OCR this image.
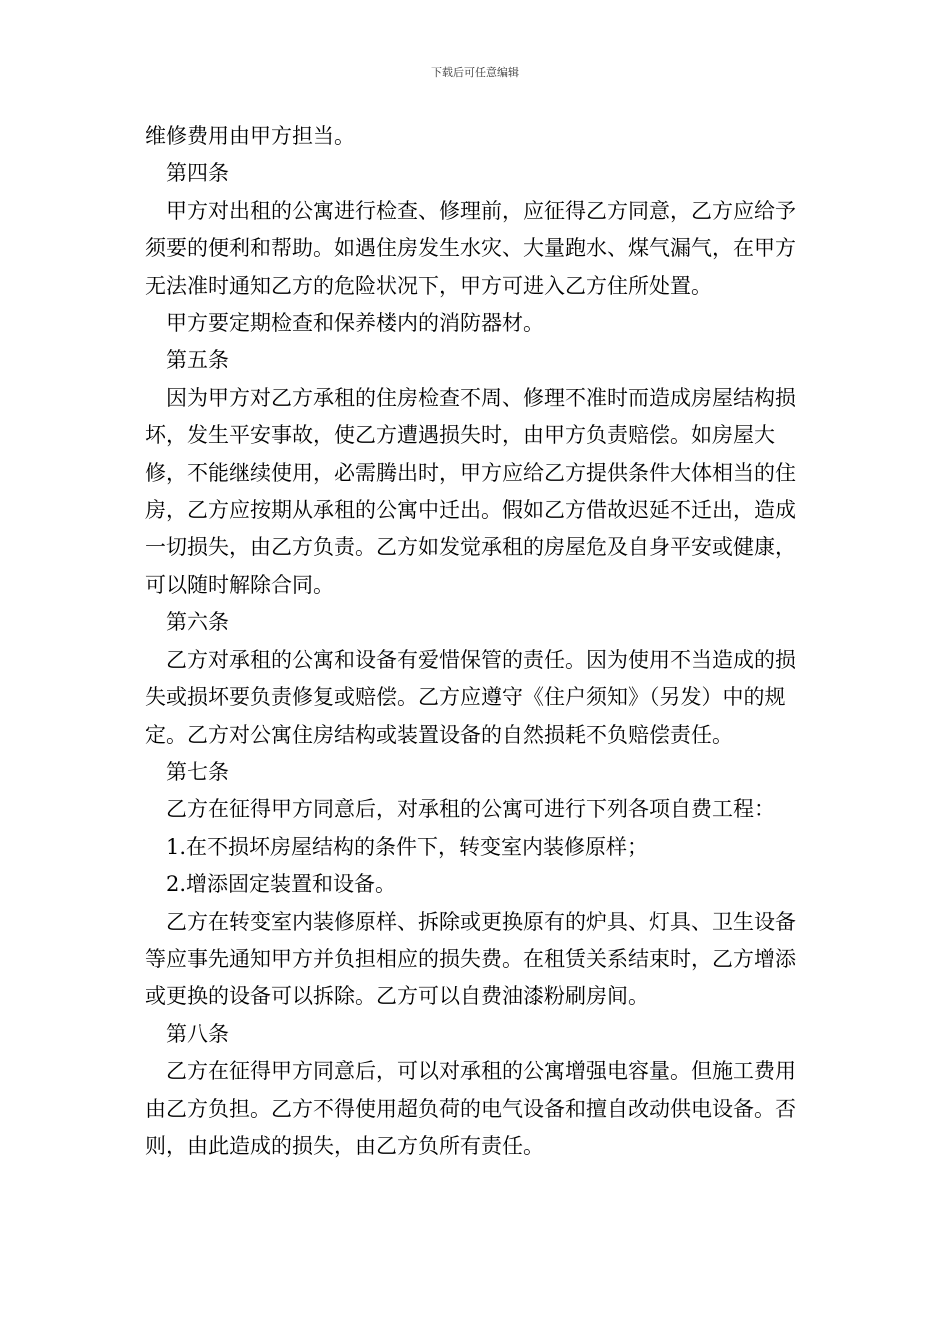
下载后可任意编辑

维修费用由甲方担当。

第四条

甲方对出租的公寓进行检查、修理前，应征得乙方同意，乙方应给予须要的便利和帮助。如遇住房发生水灾、大量跑水、煤气漏气，在甲方无法准时通知乙方的危险状况下，甲方可进入乙方住所处置。

甲方要定期检查和保养楼内的消防器材。

第五条

因为甲方对乙方承租的住房检查不周、修理不准时而造成房屋结构损坏，发生平安事故，使乙方遭遇损失时，由甲方负责赔偿。如房屋大修，不能继续使用，必需腾出时，甲方应给乙方提供条件大体相当的住房，乙方应按期从承租的公寓中迁出。假如乙方借故迟延不迁出，造成一切损失，由乙方负责。乙方如发觉承租的房屋危及自身平安或健康，可以随时解除合同。

第六条

乙方对承租的公寓和设备有爱惜保管的责任。因为使用不当造成的损失或损坏要负责修复或赔偿。乙方应遵守《住户须知》（另发）中的规定。乙方对公寓住房结构或装置设备的自然损耗不负赔偿责任。

第七条

乙方在征得甲方同意后，对承租的公寓可进行下列各项自费工程：

1.在不损坏房屋结构的条件下，转变室内装修原样；

2.增添固定装置和设备。

乙方在转变室内装修原样、拆除或更换原有的炉具、灯具、卫生设备等应事先通知甲方并负担相应的损失费。在租赁关系结束时，乙方增添或更换的设备可以拆除。乙方可以自费油漆粉刷房间。

第八条

乙方在征得甲方同意后，可以对承租的公寓增强电容量。但施工费用由乙方负担。乙方不得使用超负荷的电气设备和擅自改动供电设备。否则，由此造成的损失，由乙方负所有责任。
